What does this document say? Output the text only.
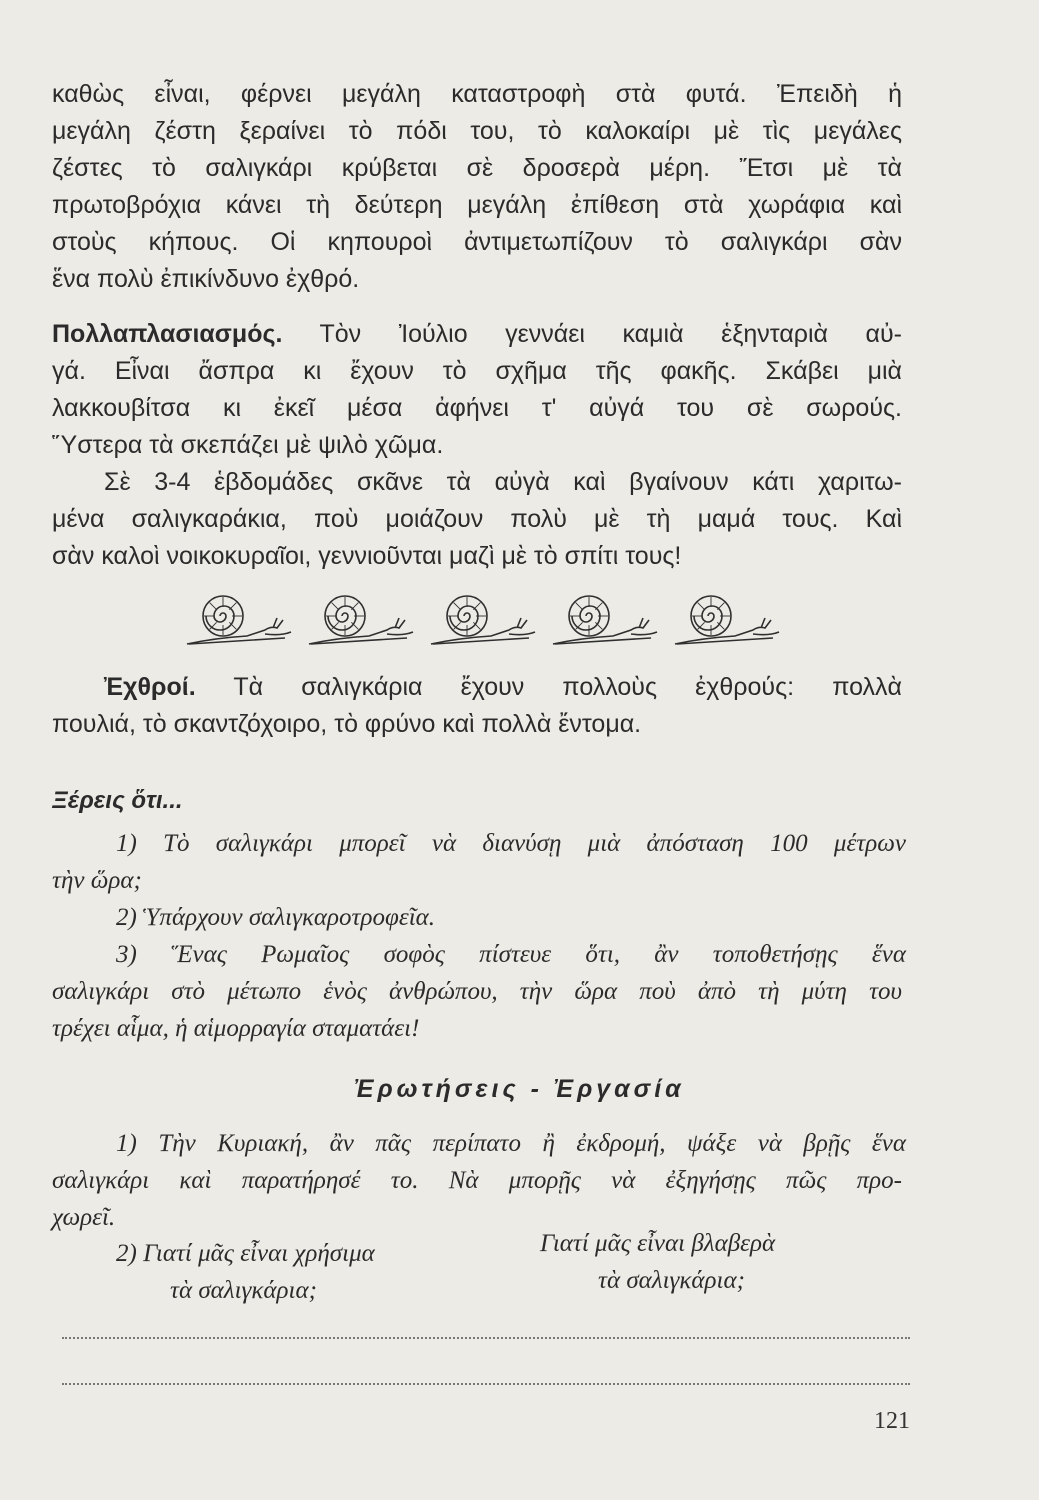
καθὼς εἶναι, φέρνει μεγάλη καταστροφὴ στὰ φυτά. Ἐπειδὴ ἡ
μεγάλη ζέστη ξεραίνει τὸ πόδι του, τὸ καλοκαίρι μὲ τὶς μεγάλες
ζέστες τὸ σαλιγκάρι κρύβεται σὲ δροσερὰ μέρη. Ἔτσι μὲ τὰ
πρωτοβρόχια κάνει τὴ δεύτερη μεγάλη ἐπίθεση στὰ χωράφια καὶ
στοὺς κήπους. Οἱ κηπουροὶ ἀντιμετωπίζουν τὸ σαλιγκάρι σὰν
ἕνα πολὺ ἐπικίνδυνο ἐχθρό.
Πολλαπλασιασμός. Τὸν Ἰούλιο γεννάει καμιὰ ἑξηνταριὰ αὐ-
γά. Εἶναι ἄσπρα κι ἔχουν τὸ σχῆμα τῆς φακῆς. Σκάβει μιὰ
λακκουβίτσα κι ἐκεῖ μέσα ἀφήνει τ' αὐγά του σὲ σωρούς.
Ὕστερα τὰ σκεπάζει μὲ ψιλὸ χῶμα.
Σὲ 3-4 ἑβδομάδες σκᾶνε τὰ αὐγὰ καὶ βγαίνουν κάτι χαριτω-
μένα σαλιγκαράκια, ποὺ μοιάζουν πολὺ μὲ τὴ μαμά τους. Καὶ
σὰν καλοὶ νοικοκυραῖοι, γεννιοῦνται μαζὶ μὲ τὸ σπίτι τους!
Ἐχθροί. Τὰ σαλιγκάρια ἔχουν πολλοὺς ἐχθρούς: πολλὰ
πουλιά, τὸ σκαντζόχοιρο, τὸ φρύνο καὶ πολλὰ ἔντομα.
Ξέρεις ὅτι...
1) Τὸ σαλιγκάρι μπορεῖ νὰ διανύσῃ μιὰ ἀπόσταση 100 μέτρων
τὴν ὥρα;
2) Ὑπάρχουν σαλιγκαροτροφεῖα.
3) Ἕνας Ρωμαῖος σοφὸς πίστευε ὅτι, ἂν τοποθετήσῃς ἕνα
σαλιγκάρι στὸ μέτωπο ἑνὸς ἀνθρώπου, τὴν ὥρα ποὺ ἀπὸ τὴ μύτη του
τρέχει αἷμα, ἡ αἱμορραγία σταματάει!
Ἐρωτήσεις - Ἐργασία
1) Τὴν Κυριακή, ἂν πᾶς περίπατο ἢ ἐκδρομή, ψάξε νὰ βρῇς ἕνα
σαλιγκάρι καὶ παρατήρησέ το. Νὰ μπορῇς νὰ ἐξηγήσῃς πῶς προ-
χωρεῖ.
2) Γιατί μᾶς εἶναι χρήσιμα
τὰ σαλιγκάρια;
Γιατί μᾶς εἶναι βλαβερὰ
τὰ σαλιγκάρια;
121
